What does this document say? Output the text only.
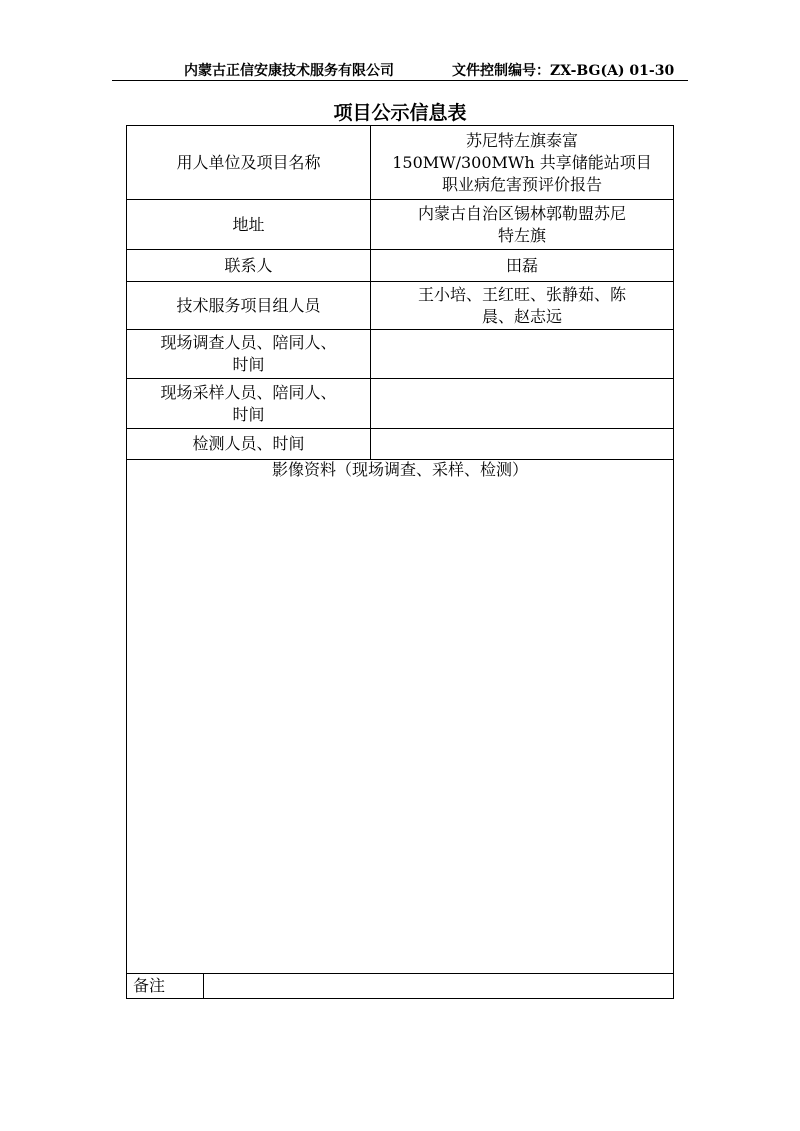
内蒙古正信安康技术服务有限公司	文件控制编号：ZX-BG(A) 01-30
项目公示信息表
用人单位及项目名称	苏尼特左旗泰富
150MW/300MWh 共享储能站项目
职业病危害预评价报告

地址	内蒙古自治区锡林郭勒盟苏尼
特左旗

联系人	田磊
技术服务项目组人员	王小培、王红旺、张静茹、陈
晨、赵志远

现场调查人员、陪同人、
时间	

现场采样人员、陪同人、
时间	

检测人员、时间	

影像资料（现场调查、采样、检测）	
备注	
